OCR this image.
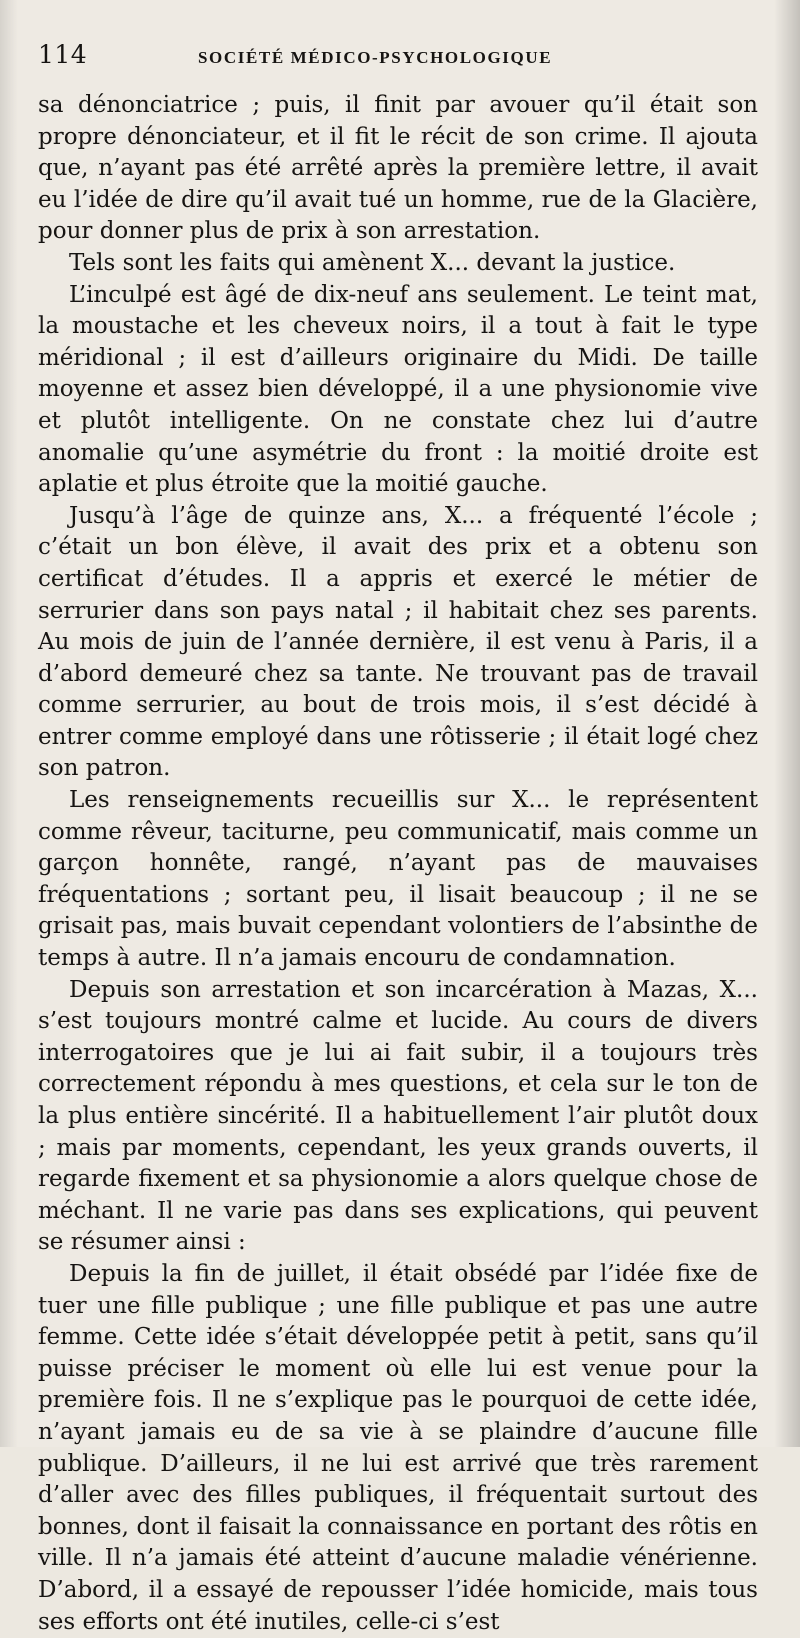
114	SOCIÉTÉ MÉDICO-PSYCHOLOGIQUE

sa dénonciatrice ; puis, il finit par avouer qu’il était son propre dénonciateur, et il fit le récit de son crime. Il ajouta que, n’ayant pas été arrêté après la première lettre, il avait eu l’idée de dire qu’il avait tué un homme, rue de la Glacière, pour donner plus de prix à son arrestation.

Tels sont les faits qui amènent X... devant la justice.

L’inculpé est âgé de dix-neuf ans seulement. Le teint mat, la moustache et les cheveux noirs, il a tout à fait le type méridional ; il est d’ailleurs originaire du Midi. De taille moyenne et assez bien développé, il a une physionomie vive et plutôt intelligente. On ne constate chez lui d’autre anomalie qu’une asymétrie du front : la moitié droite est aplatie et plus étroite que la moitié gauche.

Jusqu’à l’âge de quinze ans, X... a fréquenté l’école ; c’était un bon élève, il avait des prix et a obtenu son certificat d’études. Il a appris et exercé le métier de serrurier dans son pays natal ; il habitait chez ses parents. Au mois de juin de l’année dernière, il est venu à Paris, il a d’abord demeuré chez sa tante. Ne trouvant pas de travail comme serrurier, au bout de trois mois, il s’est décidé à entrer comme employé dans une rôtisserie ; il était logé chez son patron.

Les renseignements recueillis sur X... le représentent comme rêveur, taciturne, peu communicatif, mais comme un garçon honnête, rangé, n’ayant pas de mauvaises fréquentations ; sortant peu, il lisait beaucoup ; il ne se grisait pas, mais buvait cependant volontiers de l’absinthe de temps à autre. Il n’a jamais encouru de condamnation.

Depuis son arrestation et son incarcération à Mazas, X... s’est toujours montré calme et lucide. Au cours de divers interrogatoires que je lui ai fait subir, il a toujours très correctement répondu à mes questions, et cela sur le ton de la plus entière sincérité. Il a habituellement l’air plutôt doux ; mais par moments, cependant, les yeux grands ouverts, il regarde fixement et sa physionomie a alors quelque chose de méchant. Il ne varie pas dans ses explications, qui peuvent se résumer ainsi :

Depuis la fin de juillet, il était obsédé par l’idée fixe de tuer une fille publique ; une fille publique et pas une autre femme. Cette idée s’était développée petit à petit, sans qu’il puisse préciser le moment où elle lui est venue pour la première fois. Il ne s’explique pas le pourquoi de cette idée, n’ayant jamais eu de sa vie à se plaindre d’aucune fille publique. D’ailleurs, il ne lui est arrivé que très rarement d’aller avec des filles publiques, il fréquentait surtout des bonnes, dont il faisait la connaissance en portant des rôtis en ville. Il n’a jamais été atteint d’aucune maladie vénérienne. D’abord, il a essayé de repousser l’idée homicide, mais tous ses efforts ont été inutiles, celle-ci s’est
